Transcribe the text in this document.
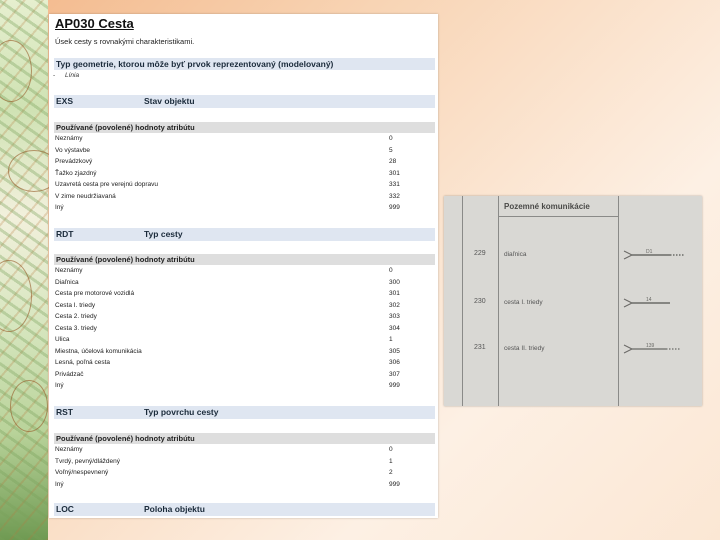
AP030 Cesta
Úsek cesty s rovnakými charakteristikami.
Typ geometrie, ktorou môže byť prvok reprezentovaný (modelovaný)
- Línia
EXS	Stav objektu
Používané (povolené) hodnoty atribútu
Neznámy	0
Vo výstavbe	5
Prevádzkový	28
Ťažko zjazdný	301
Uzavretá cesta pre verejnú dopravu	331
V zime neudržiavaná	332
Iný	999
RDT	Typ cesty
Používané (povolené) hodnoty atribútu
Neznámy	0
Diaľnica	300
Cesta pre motorové vozidlá	301
Cesta I. triedy	302
Cesta 2. triedy	303
Cesta 3. triedy	304
Ulica	1
Miestna, účelová komunikácia	305
Lesná, poľná cesta	306
Privádzač	307
Iný	999
RST	Typ povrchu cesty
Používané (povolené) hodnoty atribútu
Neznámy	0
Tvrdý, pevný/dláždený	1
Voľný/nespevnený	2
Iný	999
LOC	Poloha objektu
Pozemné komunikácie
229	diaľnica	D1
230	cesta I. triedy	14
231	cesta II. triedy	139
